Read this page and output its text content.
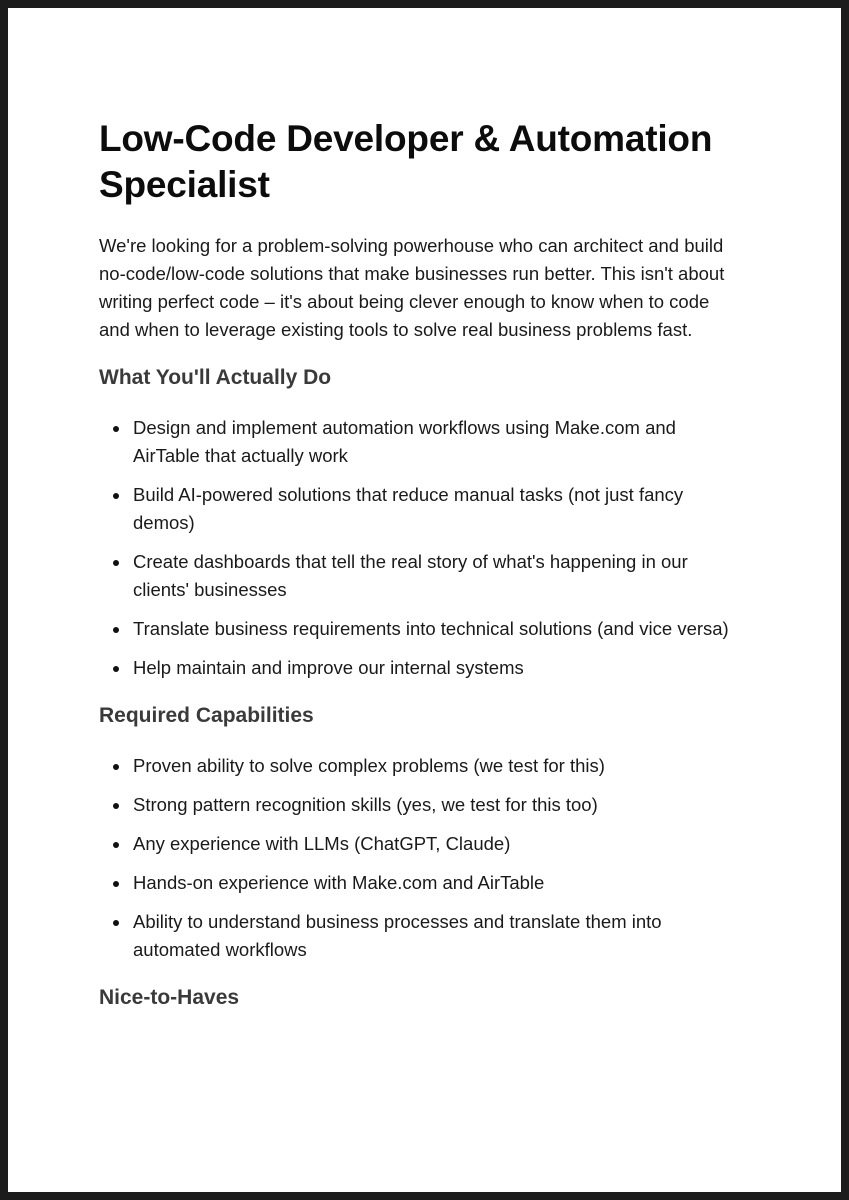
Low-Code Developer & Automation Specialist

We're looking for a problem-solving powerhouse who can architect and build no-code/low-code solutions that make businesses run better. This isn't about writing perfect code – it's about being clever enough to know when to code and when to leverage existing tools to solve real business problems fast.

What You'll Actually Do
Design and implement automation workflows using Make.com and AirTable that actually work
Build AI-powered solutions that reduce manual tasks (not just fancy demos)
Create dashboards that tell the real story of what's happening in our clients' businesses
Translate business requirements into technical solutions (and vice versa)
Help maintain and improve our internal systems
Required Capabilities
Proven ability to solve complex problems (we test for this)
Strong pattern recognition skills (yes, we test for this too)
Any experience with LLMs (ChatGPT, Claude)
Hands-on experience with Make.com and AirTable
Ability to understand business processes and translate them into automated workflows
Nice-to-Haves
